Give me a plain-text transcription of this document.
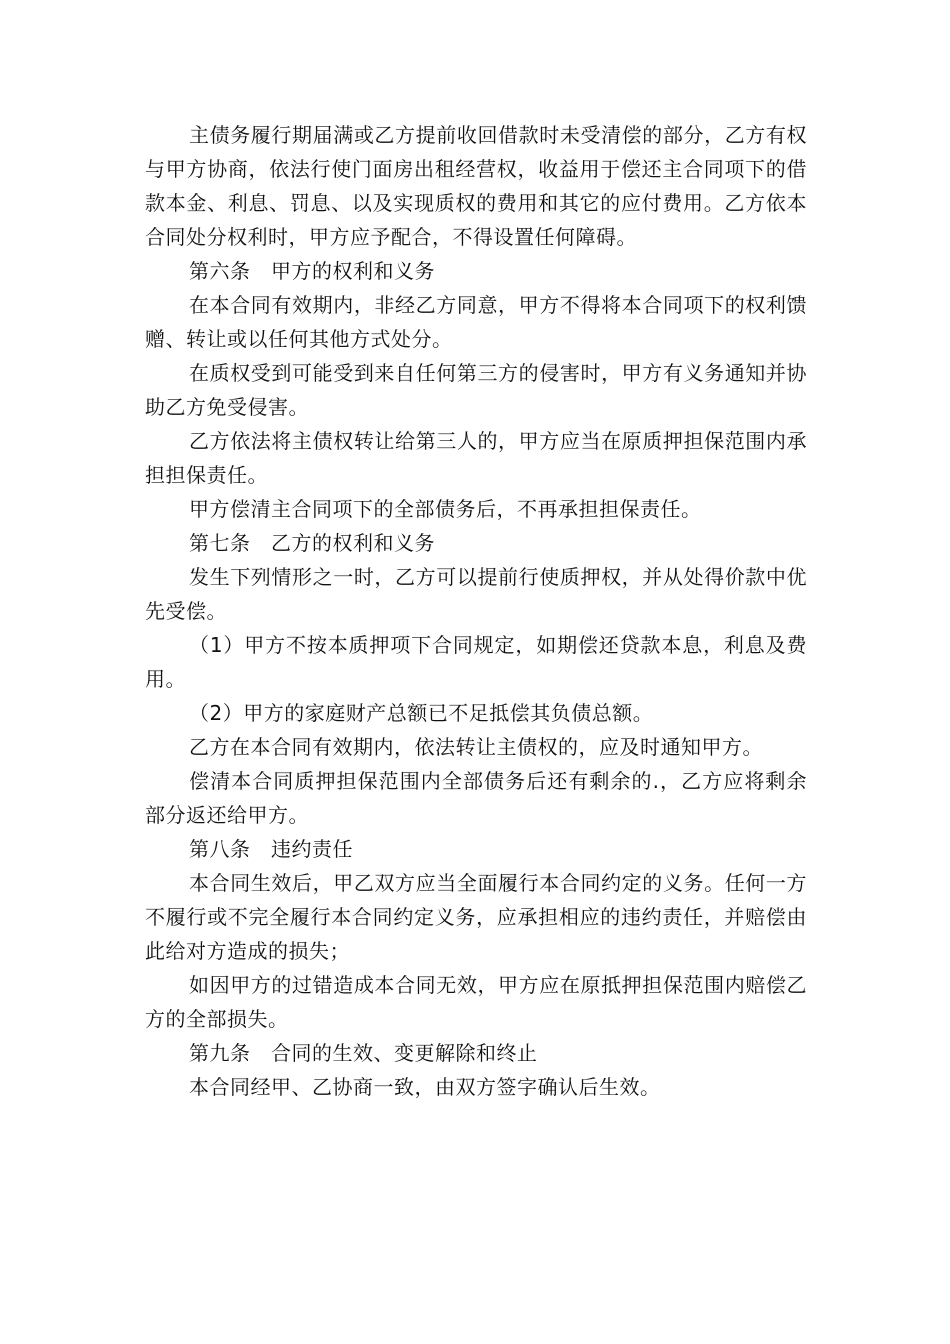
主债务履行期届满或乙方提前收回借款时未受清偿的部分，乙方有权与甲方协商，依法行使门面房出租经营权，收益用于偿还主合同项下的借款本金、利息、罚息、以及实现质权的费用和其它的应付费用。乙方依本合同处分权利时，甲方应予配合，不得设置任何障碍。

第六条　甲方的权利和义务

在本合同有效期内，非经乙方同意，甲方不得将本合同项下的权利馈赠、转让或以任何其他方式处分。

在质权受到可能受到来自任何第三方的侵害时，甲方有义务通知并协助乙方免受侵害。

乙方依法将主债权转让给第三人的，甲方应当在原质押担保范围内承担担保责任。

甲方偿清主合同项下的全部债务后，不再承担担保责任。

第七条　乙方的权利和义务

发生下列情形之一时，乙方可以提前行使质押权，并从处得价款中优先受偿。

（1）甲方不按本质押项下合同规定，如期偿还贷款本息，利息及费用。

（2）甲方的家庭财产总额已不足抵偿其负债总额。

乙方在本合同有效期内，依法转让主债权的，应及时通知甲方。

偿清本合同质押担保范围内全部债务后还有剩余的.，乙方应将剩余部分返还给甲方。

第八条　违约责任

本合同生效后，甲乙双方应当全面履行本合同约定的义务。任何一方不履行或不完全履行本合同约定义务，应承担相应的违约责任，并赔偿由此给对方造成的损失；

如因甲方的过错造成本合同无效，甲方应在原抵押担保范围内赔偿乙方的全部损失。

第九条　合同的生效、变更解除和终止

本合同经甲、乙协商一致，由双方签字确认后生效。
